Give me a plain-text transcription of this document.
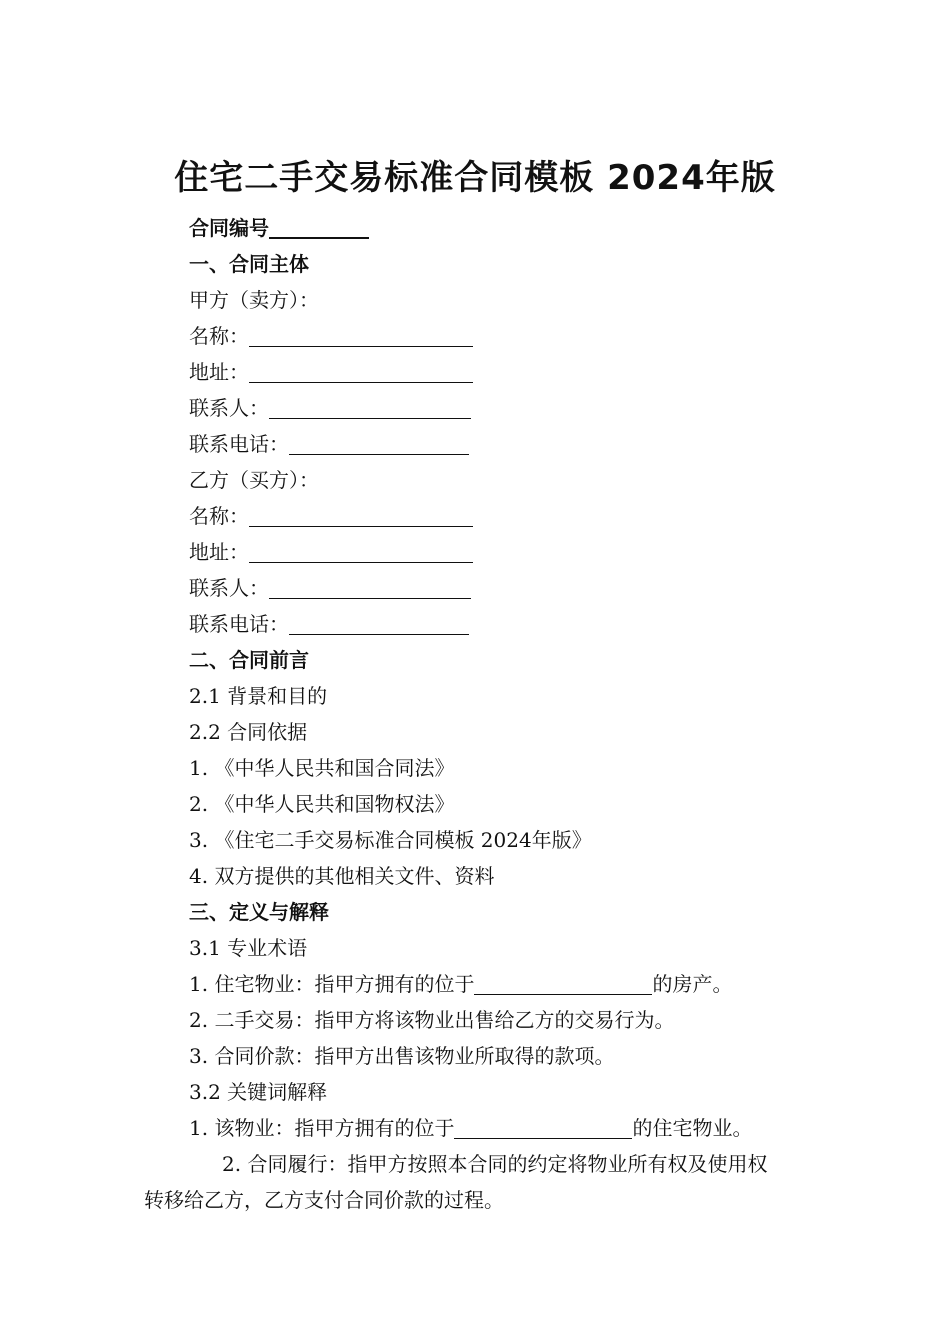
住宅二手交易标准合同模板 2024年版
合同编号
一、合同主体
甲方（卖方）：
名称：
地址：
联系人：
联系电话：
乙方（买方）：
名称：
地址：
联系人：
联系电话：
二、合同前言
2.1 背景和目的
2.2 合同依据
1. 《中华人民共和国合同法》
2. 《中华人民共和国物权法》
3. 《住宅二手交易标准合同模板 2024年版》
4. 双方提供的其他相关文件、资料
三、定义与解释
3.1 专业术语
1. 住宅物业：指甲方拥有的位于	的房产。
2. 二手交易：指甲方将该物业出售给乙方的交易行为。
3. 合同价款：指甲方出售该物业所取得的款项。
3.2 关键词解释
1. 该物业：指甲方拥有的位于	的住宅物业。
2. 合同履行：指甲方按照本合同的约定将物业所有权及使用权
转移给乙方，乙方支付合同价款的过程。
